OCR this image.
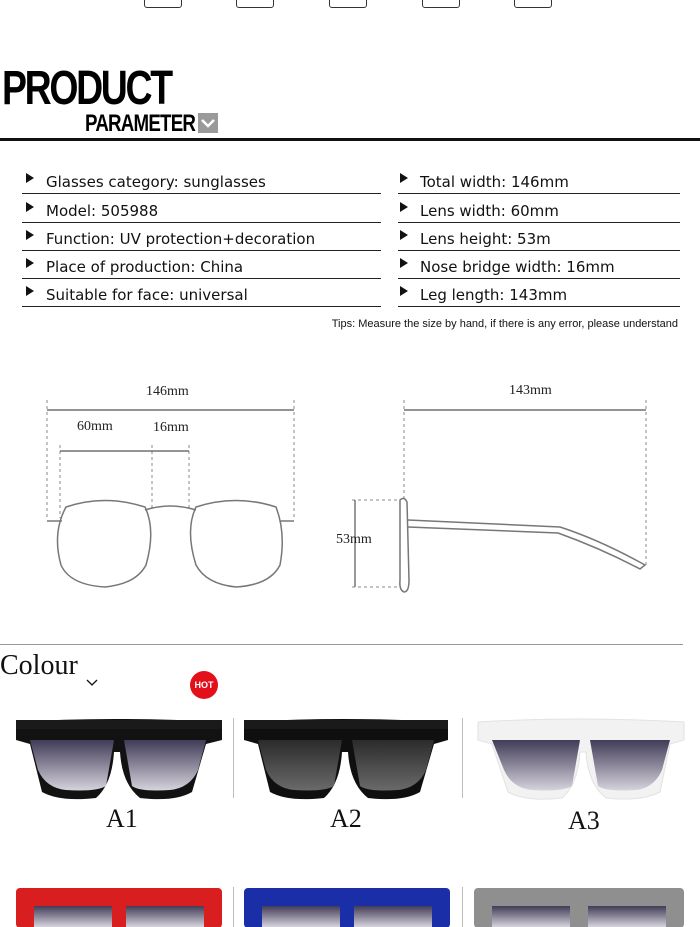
PRODUCT
PARAMETER
Glasses category: sunglasses
Model: 505988
Function: UV protection+decoration
Place of production: China
Suitable for face: universal
Total width: 146mm
Lens width: 60mm
Lens height: 53m
Nose bridge width: 16mm
Leg length: 143mm
Tips: Measure the size by hand, if there is any error, please understand
146mm
60mm	16mm
143mm
53mm
Colour
HOT
A1	A2	A3
